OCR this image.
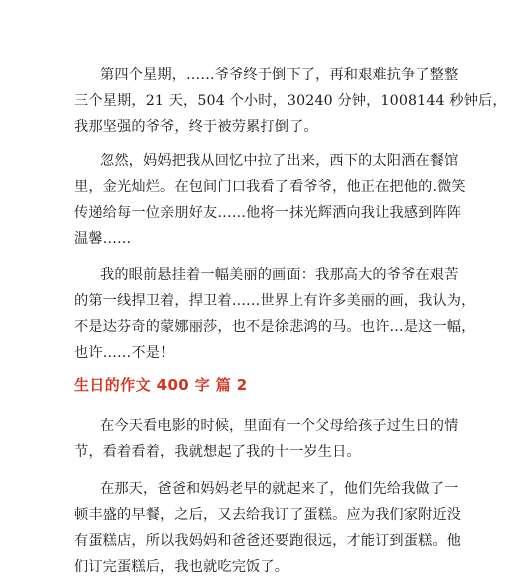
第四个星期，……爷爷终于倒下了，再和艰难抗争了整整
三个星期，21 天，504 个小时，30240 分钟，1008144 秒钟后，
我那坚强的爷爷，终于被劳累打倒了。
忽然，妈妈把我从回忆中拉了出来，西下的太阳洒在餐馆
里，金光灿烂。在包间门口我看了看爷爷，他正在把他的.微笑
传递给每一位亲朋好友……他将一抹光辉洒向我让我感到阵阵
温馨……
我的眼前悬挂着一幅美丽的画面：我那高大的爷爷在艰苦
的第一线捍卫着，捍卫着……世界上有许多美丽的画，我认为，
不是达芬奇的蒙娜丽莎，也不是徐悲鸿的马。也许…是这一幅，
也许……不是！
生日的作文 400 字 篇 2
在今天看电影的时候，里面有一个父母给孩子过生日的情
节，看着看着，我就想起了我的十一岁生日。
在那天，爸爸和妈妈老早的就起来了，他们先给我做了一
顿丰盛的早餐，之后，又去给我订了蛋糕。应为我们家附近没
有蛋糕店，所以我妈妈和爸爸还要跑很远，才能订到蛋糕。他
们订完蛋糕后，我也就吃完饭了。
